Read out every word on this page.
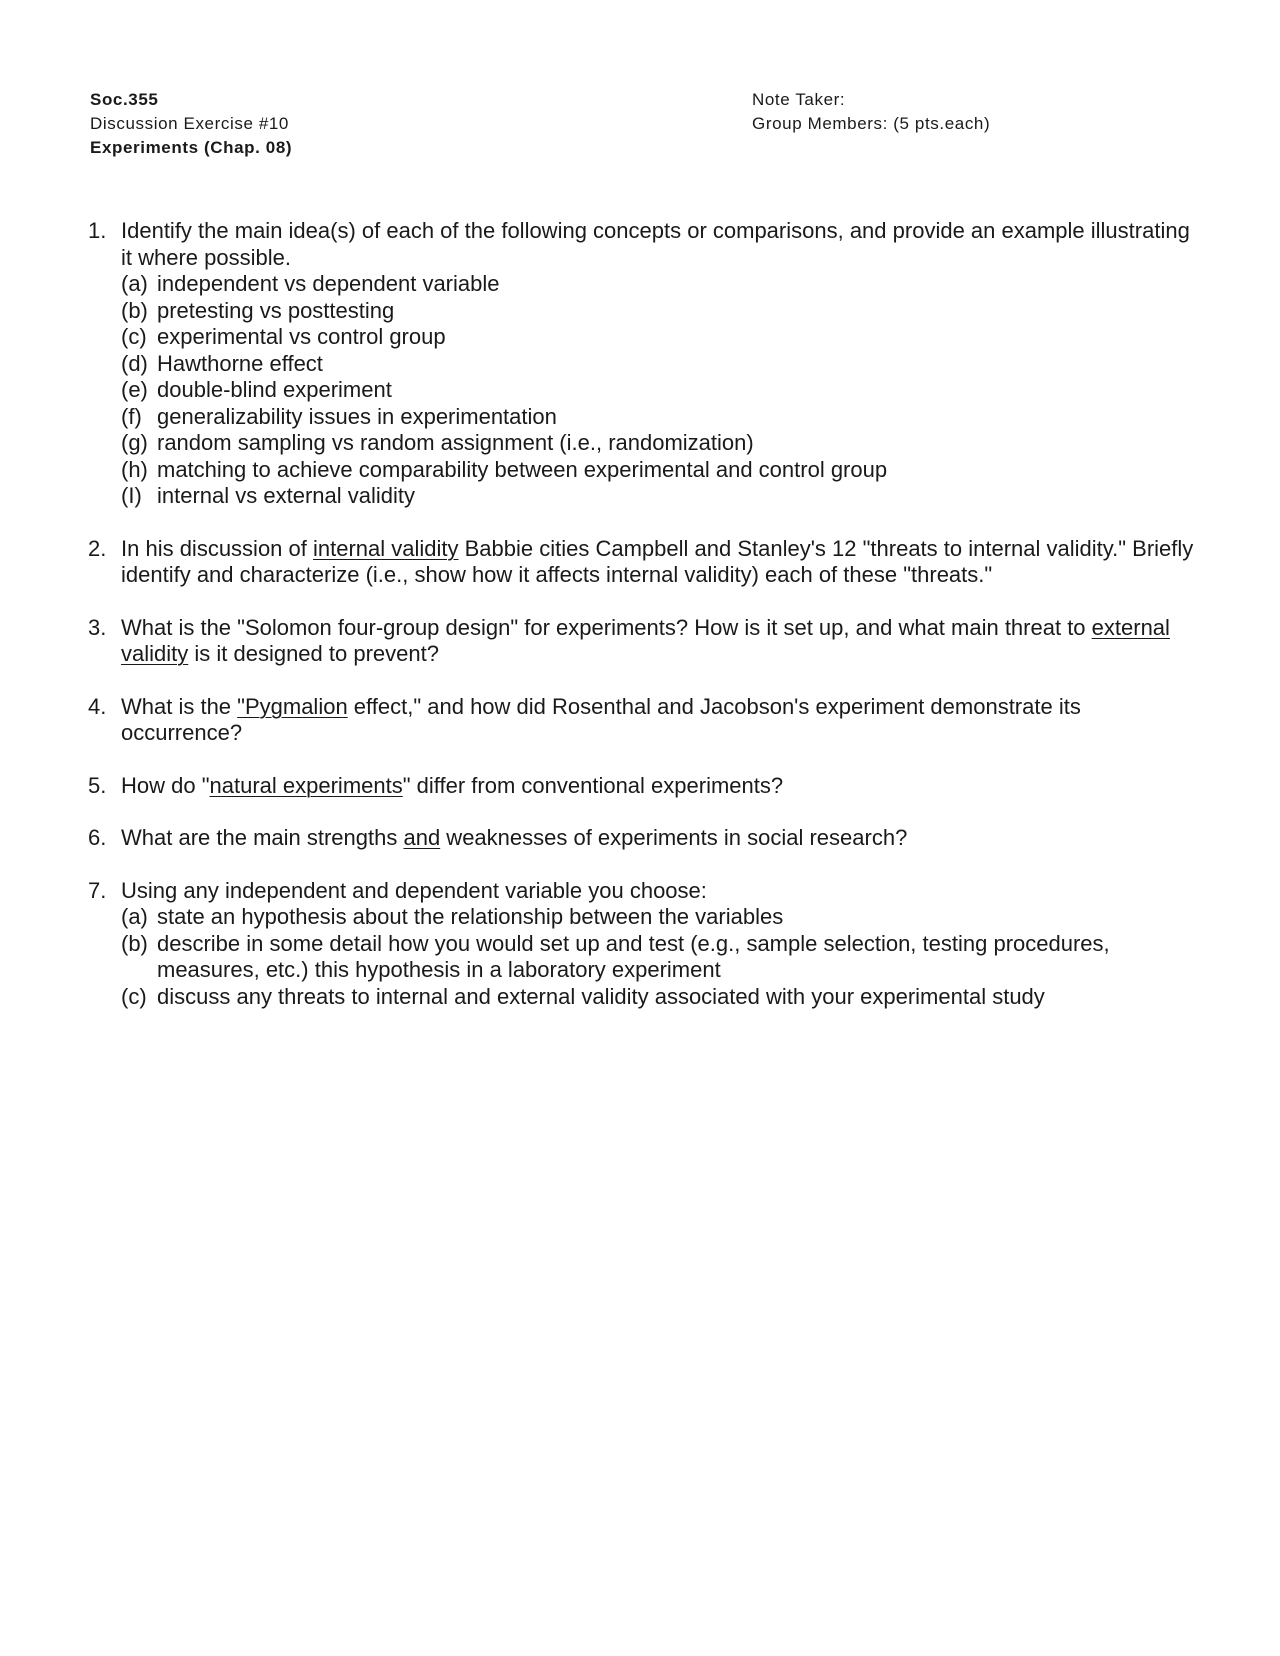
Soc.355
Discussion Exercise #10
Experiments (Chap. 08)
Note Taker:
Group Members: (5 pts.each)
1. Identify the main idea(s) of each of the following concepts or comparisons, and provide an example illustrating it where possible.
(a) independent vs dependent variable
(b) pretesting vs posttesting
(c) experimental vs control group
(d) Hawthorne effect
(e) double-blind experiment
(f) generalizability issues in experimentation
(g) random sampling vs random assignment (i.e., randomization)
(h) matching to achieve comparability between experimental and control group
(I) internal vs external validity
2. In his discussion of internal validity Babbie cities Campbell and Stanley's 12 "threats to internal validity." Briefly identify and characterize (i.e., show how it affects internal validity) each of these "threats."
3. What is the "Solomon four-group design" for experiments? How is it set up, and what main threat to external validity is it designed to prevent?
4. What is the "Pygmalion effect," and how did Rosenthal and Jacobson's experiment demonstrate its occurrence?
5. How do "natural experiments" differ from conventional experiments?
6. What are the main strengths and weaknesses of experiments in social research?
7. Using any independent and dependent variable you choose:
(a) state an hypothesis about the relationship between the variables
(b) describe in some detail how you would set up and test (e.g., sample selection, testing procedures, measures, etc.) this hypothesis in a laboratory experiment
(c) discuss any threats to internal and external validity associated with your experimental study
